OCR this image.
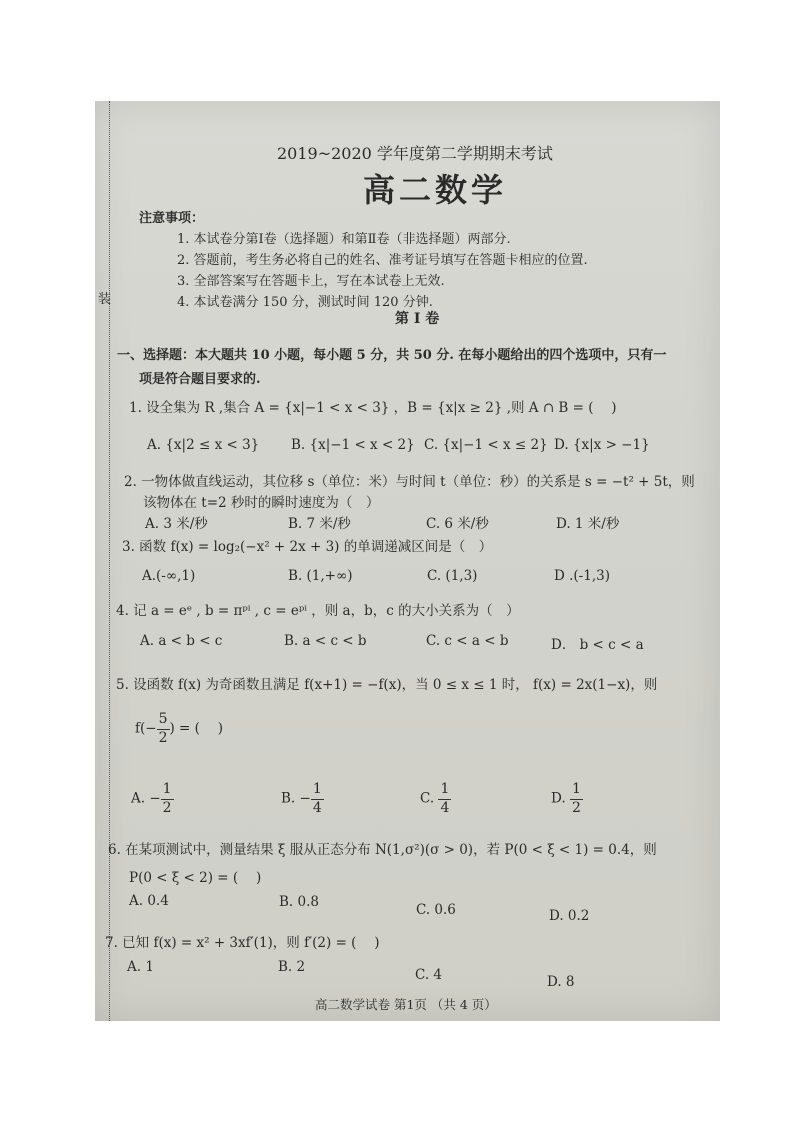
装
2019~2020 学年度第二学期期末考试
高二数学
注意事项：
1. 本试卷分第Ⅰ卷（选择题）和第Ⅱ卷（非选择题）两部分.
2. 答题前，考生务必将自己的姓名、准考证号填写在答题卡相应的位置.
3. 全部答案写在答题卡上，写在本试卷上无效.
4. 本试卷满分 150 分，测试时间 120 分钟.
第 I 卷
一、选择题：本大题共 10 小题，每小题 5 分，共 50 分. 在每小题给出的四个选项中，只有一
项是符合题目要求的.
1. 设全集为 R ,集合 A = {x|−1 < x < 3} ，B = {x|x ≥ 2} ,则 A ∩ B = (　 )
A. {x|2 ≤ x < 3} B. {x|−1 < x < 2} C. {x|−1 < x ≤ 2} D. {x|x > −1}
2. 一物体做直线运动，其位移 s（单位：米）与时间 t（单位：秒）的关系是 s = −t² + 5t，则
该物体在 t=2 秒时的瞬时速度为（　）
A. 3 米/秒	B. 7 米/秒	C. 6 米/秒	D. 1 米/秒
3. 函数 f(x) = log₂(−x² + 2x + 3) 的单调递减区间是（　）
A.(-∞,1)	B. (1,+∞)	C. (1,3)	D .(-1,3)
4. 记 a = eᵉ , b = πᵖⁱ , c = eᵖⁱ ，则 a，b，c 的大小关系为（　）
A. a < b < c	B. a < c < b	C. c < a < b	D． b < c < a
5. 设函数 f(x) 为奇函数且满足 f(x+1) = −f(x)，当 0 ≤ x ≤ 1 时， f(x) = 2x(1−x)，则
$f(- \frac{5}{2}$ ) = (　 )
A. − $\frac{1}{2}$	B. − $\frac{1}{4}$	C. $\frac{1}{4}$	D. $\frac{1}{2}$
6. 在某项测试中，测量结果 ξ 服从正态分布 N(1,σ²)(σ > 0)，若 P(0 < ξ < 1) = 0.4，则
P(0 < ξ < 2) = (　 )
A. 0.4	B. 0.8	C. 0.6	D. 0.2
7. 已知 f(x) = x² + 3xf′(1)，则 f′(2) = (　 )
A. 1	B. 2	C. 4	D. 8
高二数学试卷 第1页 （共 4 页）
